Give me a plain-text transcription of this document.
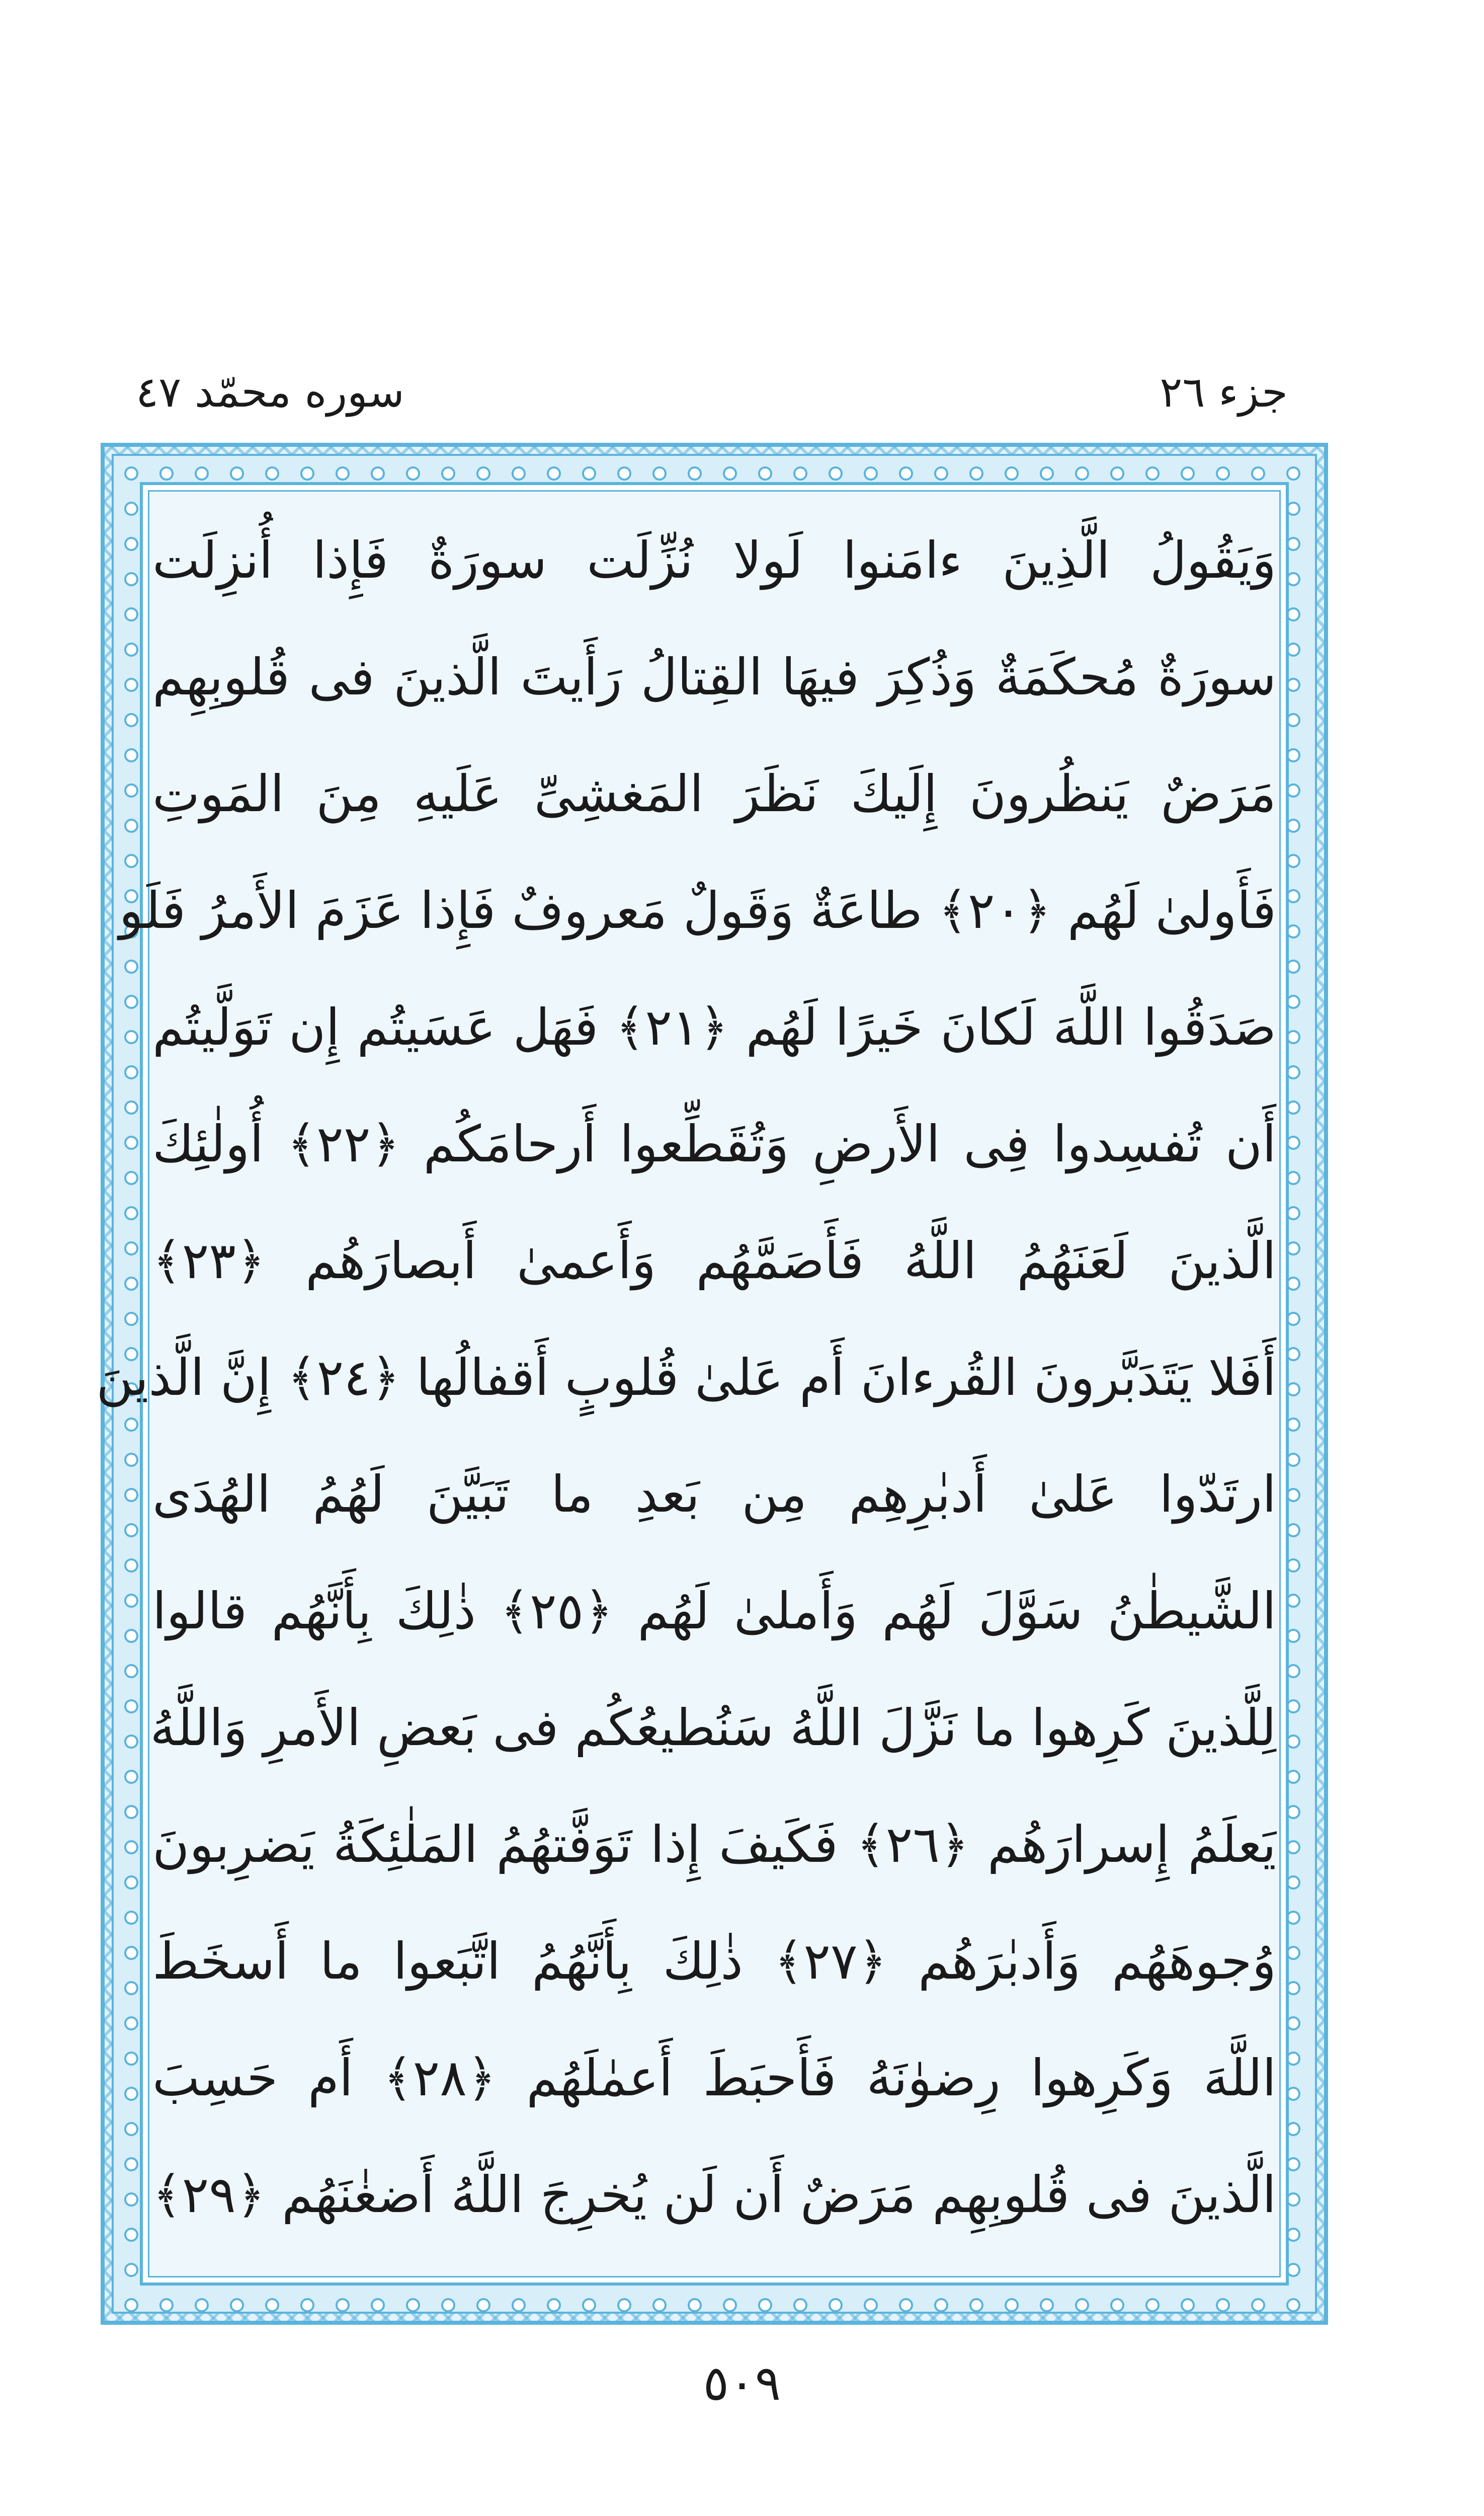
جزء ٢٦
سوره محمّد ٤٧
وَيَقُولُ الَّذِينَ ءامَنوا لَولا نُزِّلَت سورَةٌ فَإِذا أُنزِلَت
سورَةٌ مُحكَمَةٌ وَذُكِرَ فيهَا القِتالُ رَأَيتَ الَّذينَ فى قُلوبِهِم
مَرَضٌ يَنظُرونَ إِلَيكَ نَظَرَ المَغشِىِّ عَلَيهِ مِنَ المَوتِ
فَأَولىٰ لَهُم ﴿٢٠﴾ طاعَةٌ وَقَولٌ مَعروفٌ فَإِذا عَزَمَ الأَمرُ فَلَو
صَدَقُوا اللَّهَ لَكانَ خَيرًا لَهُم ﴿٢١﴾ فَهَل عَسَيتُم إِن تَوَلَّيتُم
أَن تُفسِدوا فِى الأَرضِ وَتُقَطِّعوا أَرحامَكُم ﴿٢٢﴾ أُولٰئِكَ
الَّذينَ لَعَنَهُمُ اللَّهُ فَأَصَمَّهُم وَأَعمىٰ أَبصارَهُم ﴿٢٣﴾
أَفَلا يَتَدَبَّرونَ القُرءانَ أَم عَلىٰ قُلوبٍ أَقفالُها ﴿٢٤﴾ إِنَّ الَّذينَ
ارتَدّوا عَلىٰ أَدبٰرِهِم مِن بَعدِ ما تَبَيَّنَ لَهُمُ الهُدَى
الشَّيطٰنُ سَوَّلَ لَهُم وَأَملىٰ لَهُم ﴿٢٥﴾ ذٰلِكَ بِأَنَّهُم قالوا
لِلَّذينَ كَرِهوا ما نَزَّلَ اللَّهُ سَنُطيعُكُم فى بَعضِ الأَمرِ وَاللَّهُ
يَعلَمُ إِسرارَهُم ﴿٢٦﴾ فَكَيفَ إِذا تَوَفَّتهُمُ المَلٰئِكَةُ يَضرِبونَ
وُجوهَهُم وَأَدبٰرَهُم ﴿٢٧﴾ ذٰلِكَ بِأَنَّهُمُ اتَّبَعوا ما أَسخَطَ
اللَّهَ وَكَرِهوا رِضوٰنَهُ فَأَحبَطَ أَعمٰلَهُم ﴿٢٨﴾ أَم حَسِبَ
الَّذينَ فى قُلوبِهِم مَرَضٌ أَن لَن يُخرِجَ اللَّهُ أَضغٰنَهُم ﴿٢٩﴾
٥٠٩
